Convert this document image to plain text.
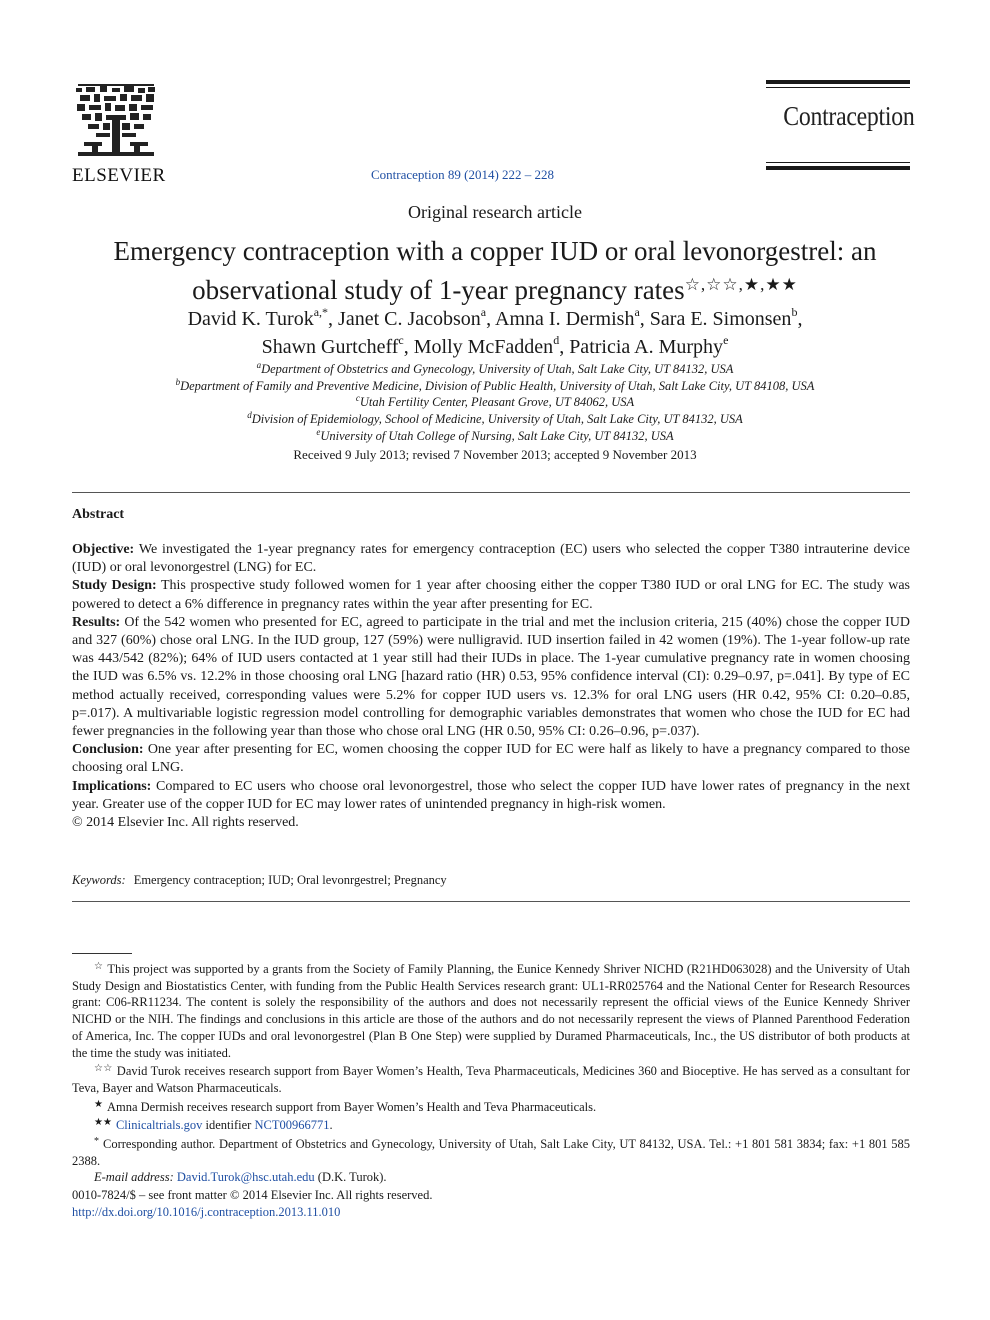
ELSEVIER	Contraception 89 (2014) 222 – 228
Contraception
Original research article
Emergency contraception with a copper IUD or oral levonorgestrel: an observational study of 1-year pregnancy rates☆,☆☆,★,★★
David K. Turok$^{a,*}$, Janet C. Jacobson$^a$, Amna I. Dermish$^a$, Sara E. Simonsen$^b$,
Shawn Gurtcheff$^c$, Molly McFadden$^d$, Patricia A. Murphy$^e$
$^a$Department of Obstetrics and Gynecology, University of Utah, Salt Lake City, UT 84132, USA
$^b$Department of Family and Preventive Medicine, Division of Public Health, University of Utah, Salt Lake City, UT 84108, USA
$^c$Utah Fertility Center, Pleasant Grove, UT 84062, USA
$^d$Division of Epidemiology, School of Medicine, University of Utah, Salt Lake City, UT 84132, USA
$^e$University of Utah College of Nursing, Salt Lake City, UT 84132, USA
Received 9 July 2013; revised 7 November 2013; accepted 9 November 2013
Abstract

Objective: We investigated the 1-year pregnancy rates for emergency contraception (EC) users who selected the copper T380 intrauterine device (IUD) or oral levonorgestrel (LNG) for EC.

Study Design: This prospective study followed women for 1 year after choosing either the copper T380 IUD or oral LNG for EC. The study was powered to detect a 6% difference in pregnancy rates within the year after presenting for EC.

Results: Of the 542 women who presented for EC, agreed to participate in the trial and met the inclusion criteria, 215 (40%) chose the copper IUD and 327 (60%) chose oral LNG. In the IUD group, 127 (59%) were nulligravid. IUD insertion failed in 42 women (19%). The 1-year follow-up rate was 443/542 (82%); 64% of IUD users contacted at 1 year still had their IUDs in place. The 1-year cumulative pregnancy rate in women choosing the IUD was 6.5% vs. 12.2% in those choosing oral LNG [hazard ratio (HR) 0.53, 95% confidence interval (CI): 0.29–0.97, p=.041]. By type of EC method actually received, corresponding values were 5.2% for copper IUD users vs. 12.3% for oral LNG users (HR 0.42, 95% CI: 0.20–0.85, p=.017). A multivariable logistic regression model controlling for demographic variables demonstrates that women who chose the IUD for EC had fewer pregnancies in the following year than those who chose oral LNG (HR 0.50, 95% CI: 0.26–0.96, p=.037).

Conclusion: One year after presenting for EC, women choosing the copper IUD for EC were half as likely to have a pregnancy compared to those choosing oral LNG.

Implications: Compared to EC users who choose oral levonorgestrel, those who select the copper IUD have lower rates of pregnancy in the next year. Greater use of the copper IUD for EC may lower rates of unintended pregnancy in high-risk women.

© 2014 Elsevier Inc. All rights reserved.

Keywords: Emergency contraception; IUD; Oral levonrgestrel; Pregnancy

☆ This project was supported by a grants from the Society of Family Planning, the Eunice Kennedy Shriver NICHD (R21HD063028) and the University of Utah Study Design and Biostatistics Center, with funding from the Public Health Services research grant: UL1-RR025764 and the National Center for Research Resources grant: C06-RR11234. The content is solely the responsibility of the authors and does not necessarily represent the official views of the Eunice Kennedy Shriver NICHD or the NIH. The findings and conclusions in this article are those of the authors and do not necessarily represent the views of Planned Parenthood Federation of America, Inc. The copper IUDs and oral levonorgestrel (Plan B One Step) were supplied by Duramed Pharmaceuticals, Inc., the US distributor of both products at the time the study was initiated.

☆☆ David Turok receives research support from Bayer Women’s Health, Teva Pharmaceuticals, Medicines 360 and Bioceptive. He has served as a consultant for Teva, Bayer and Watson Pharmaceuticals.

★ Amna Dermish receives research support from Bayer Women’s Health and Teva Pharmaceuticals.

★★ Clinicaltrials.gov identifier NCT00966771.

* Corresponding author. Department of Obstetrics and Gynecology, University of Utah, Salt Lake City, UT 84132, USA. Tel.: +1 801 581 3834; fax: +1 801 585 2388.

E-mail address: David.Turok@hsc.utah.edu (D.K. Turok).

0010-7824/$ – see front matter © 2014 Elsevier Inc. All rights reserved.
http://dx.doi.org/10.1016/j.contraception.2013.11.010
